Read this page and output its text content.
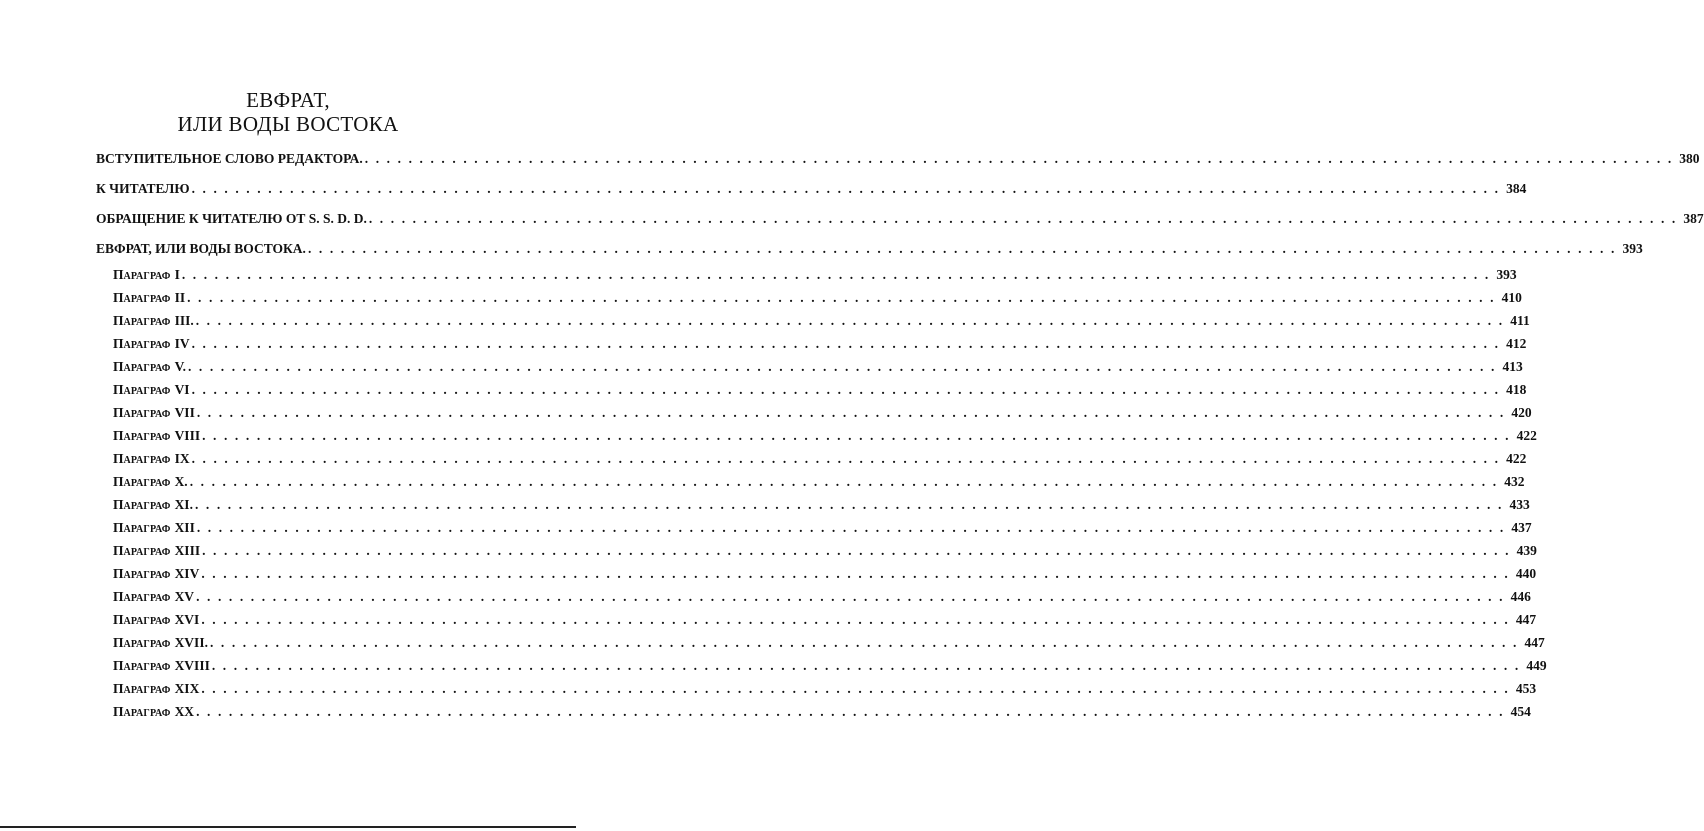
ЕВФРАТ,
ИЛИ ВОДЫ ВОСТОКА
ВСТУПИТЕЛЬНОЕ СЛОВО РЕДАКТОРА. . . . . . . . . . . . . . . . . . . . . . . . . . . . . . . . . . . . . . . . . . . . . . . . . . . . . . . . . . . . . . . . . . . . . . . . . . . . . . . . . . . . . . . . . . . . . . . . . . . . . . . . . . . . . . . . . . . . . . . . . 380
К ЧИТАТЕЛЮ . . . . . . . . . . . . . . . . . . . . . . . . . . . . . . . . . . . . . . . . . . . . . . . . . . . . . . . . . . . . . . . . . . . . . . . . . . . . . . . . . . . . . . . . . . . . . . . . . . . . . . . . . . . . . . . . . . . . . . . . 384
ОБРАЩЕНИЕ К ЧИТАТЕЛЮ ОТ S. S. D. D. . . . . . . . . . . . . . . . . . . . . . . . . . . . . . . . . . . . . . . . . . . . . . . . . . . . . . . . . . . . . . . . . . . . . . . . . . . . . . . . . . . . . . . . . . . . . . . . . . . . . . . . . . . . . . . . . . . . . . . . . 387
ЕВФРАТ, ИЛИ ВОДЫ ВОСТОКА. . . . . . . . . . . . . . . . . . . . . . . . . . . . . . . . . . . . . . . . . . . . . . . . . . . . . . . . . . . . . . . . . . . . . . . . . . . . . . . . . . . . . . . . . . . . . . . . . . . . . . . . . . . . . . . . . . . . . . . . . 393
ПАРАГРАФ I . . . . . . . . . . . . . . . . . . . . . . . . . . . . . . . . . . . . . . . . . . . . . . . . . . . . . . . . . . . . . . . . . . . . . . . . . . . . . . . . . . . . . . . . . . . . . . . . . . . . . . . . . . . . . . . . . . . . . . . . 393
ПАРАГРАФ II . . . . . . . . . . . . . . . . . . . . . . . . . . . . . . . . . . . . . . . . . . . . . . . . . . . . . . . . . . . . . . . . . . . . . . . . . . . . . . . . . . . . . . . . . . . . . . . . . . . . . . . . . . . . . . . . . . . . . . . . 410
ПАРАГРАФ III. . . . . . . . . . . . . . . . . . . . . . . . . . . . . . . . . . . . . . . . . . . . . . . . . . . . . . . . . . . . . . . . . . . . . . . . . . . . . . . . . . . . . . . . . . . . . . . . . . . . . . . . . . . . . . . . . . . . . . . . . 411
ПАРАГРАФ IV . . . . . . . . . . . . . . . . . . . . . . . . . . . . . . . . . . . . . . . . . . . . . . . . . . . . . . . . . . . . . . . . . . . . . . . . . . . . . . . . . . . . . . . . . . . . . . . . . . . . . . . . . . . . . . . . . . . . . . . . 412
ПАРАГРАФ V. . . . . . . . . . . . . . . . . . . . . . . . . . . . . . . . . . . . . . . . . . . . . . . . . . . . . . . . . . . . . . . . . . . . . . . . . . . . . . . . . . . . . . . . . . . . . . . . . . . . . . . . . . . . . . . . . . . . . . . . . 413
ПАРАГРАФ VI . . . . . . . . . . . . . . . . . . . . . . . . . . . . . . . . . . . . . . . . . . . . . . . . . . . . . . . . . . . . . . . . . . . . . . . . . . . . . . . . . . . . . . . . . . . . . . . . . . . . . . . . . . . . . . . . . . . . . . . . 418
ПАРАГРАФ VII . . . . . . . . . . . . . . . . . . . . . . . . . . . . . . . . . . . . . . . . . . . . . . . . . . . . . . . . . . . . . . . . . . . . . . . . . . . . . . . . . . . . . . . . . . . . . . . . . . . . . . . . . . . . . . . . . . . . . . . . 420
ПАРАГРАФ VIII . . . . . . . . . . . . . . . . . . . . . . . . . . . . . . . . . . . . . . . . . . . . . . . . . . . . . . . . . . . . . . . . . . . . . . . . . . . . . . . . . . . . . . . . . . . . . . . . . . . . . . . . . . . . . . . . . . . . . . . . 422
ПАРАГРАФ IX . . . . . . . . . . . . . . . . . . . . . . . . . . . . . . . . . . . . . . . . . . . . . . . . . . . . . . . . . . . . . . . . . . . . . . . . . . . . . . . . . . . . . . . . . . . . . . . . . . . . . . . . . . . . . . . . . . . . . . . . 422
ПАРАГРАФ X. . . . . . . . . . . . . . . . . . . . . . . . . . . . . . . . . . . . . . . . . . . . . . . . . . . . . . . . . . . . . . . . . . . . . . . . . . . . . . . . . . . . . . . . . . . . . . . . . . . . . . . . . . . . . . . . . . . . . . . . . 432
ПАРАГРАФ XI. . . . . . . . . . . . . . . . . . . . . . . . . . . . . . . . . . . . . . . . . . . . . . . . . . . . . . . . . . . . . . . . . . . . . . . . . . . . . . . . . . . . . . . . . . . . . . . . . . . . . . . . . . . . . . . . . . . . . . . . . 433
ПАРАГРАФ XII . . . . . . . . . . . . . . . . . . . . . . . . . . . . . . . . . . . . . . . . . . . . . . . . . . . . . . . . . . . . . . . . . . . . . . . . . . . . . . . . . . . . . . . . . . . . . . . . . . . . . . . . . . . . . . . . . . . . . . . . 437
ПАРАГРАФ XIII . . . . . . . . . . . . . . . . . . . . . . . . . . . . . . . . . . . . . . . . . . . . . . . . . . . . . . . . . . . . . . . . . . . . . . . . . . . . . . . . . . . . . . . . . . . . . . . . . . . . . . . . . . . . . . . . . . . . . . . . 439
ПАРАГРАФ XIV . . . . . . . . . . . . . . . . . . . . . . . . . . . . . . . . . . . . . . . . . . . . . . . . . . . . . . . . . . . . . . . . . . . . . . . . . . . . . . . . . . . . . . . . . . . . . . . . . . . . . . . . . . . . . . . . . . . . . . . . 440
ПАРАГРАФ XV . . . . . . . . . . . . . . . . . . . . . . . . . . . . . . . . . . . . . . . . . . . . . . . . . . . . . . . . . . . . . . . . . . . . . . . . . . . . . . . . . . . . . . . . . . . . . . . . . . . . . . . . . . . . . . . . . . . . . . . . 446
ПАРАГРАФ XVI . . . . . . . . . . . . . . . . . . . . . . . . . . . . . . . . . . . . . . . . . . . . . . . . . . . . . . . . . . . . . . . . . . . . . . . . . . . . . . . . . . . . . . . . . . . . . . . . . . . . . . . . . . . . . . . . . . . . . . . . 447
ПАРАГРАФ XVII. . . . . . . . . . . . . . . . . . . . . . . . . . . . . . . . . . . . . . . . . . . . . . . . . . . . . . . . . . . . . . . . . . . . . . . . . . . . . . . . . . . . . . . . . . . . . . . . . . . . . . . . . . . . . . . . . . . . . . . . . 447
ПАРАГРАФ XVIII . . . . . . . . . . . . . . . . . . . . . . . . . . . . . . . . . . . . . . . . . . . . . . . . . . . . . . . . . . . . . . . . . . . . . . . . . . . . . . . . . . . . . . . . . . . . . . . . . . . . . . . . . . . . . . . . . . . . . . . . 449
ПАРАГРАФ XIX . . . . . . . . . . . . . . . . . . . . . . . . . . . . . . . . . . . . . . . . . . . . . . . . . . . . . . . . . . . . . . . . . . . . . . . . . . . . . . . . . . . . . . . . . . . . . . . . . . . . . . . . . . . . . . . . . . . . . . . . 453
ПАРАГРАФ XX . . . . . . . . . . . . . . . . . . . . . . . . . . . . . . . . . . . . . . . . . . . . . . . . . . . . . . . . . . . . . . . . . . . . . . . . . . . . . . . . . . . . . . . . . . . . . . . . . . . . . . . . . . . . . . . . . . . . . . . . 454
